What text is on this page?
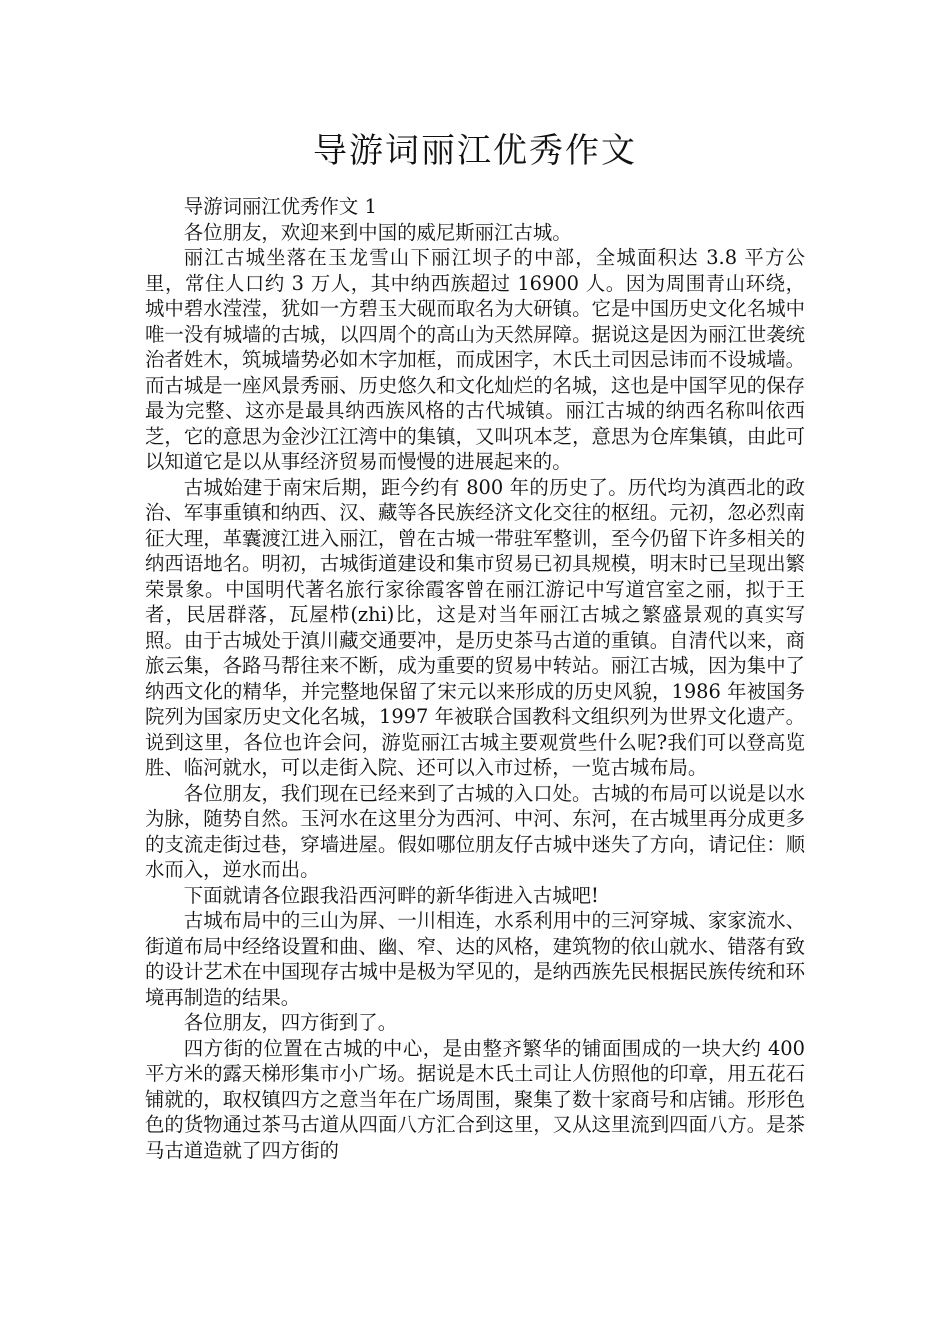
导游词丽江优秀作文

导游词丽江优秀作文 1

各位朋友，欢迎来到中国的威尼斯丽江古城。

丽江古城坐落在玉龙雪山下丽江坝子的中部，全城面积达 3.8 平方公里，常住人口约 3 万人，其中纳西族超过 16900 人。因为周围青山环绕，城中碧水滢滢，犹如一方碧玉大砚而取名为大研镇。它是中国历史文化名城中唯一没有城墙的古城，以四周个的高山为天然屏障。据说这是因为丽江世袭统治者姓木，筑城墙势必如木字加框，而成困字，木氏土司因忌讳而不设城墙。而古城是一座风景秀丽、历史悠久和文化灿烂的名城，这也是中国罕见的保存最为完整、这亦是最具纳西族风格的古代城镇。丽江古城的纳西名称叫依西芝，它的意思为金沙江江湾中的集镇，又叫巩本芝，意思为仓库集镇，由此可以知道它是以从事经济贸易而慢慢的进展起来的。

古城始建于南宋后期，距今约有 800 年的历史了。历代均为滇西北的政治、军事重镇和纳西、汉、藏等各民族经济文化交往的枢纽。元初，忽必烈南征大理，革囊渡江进入丽江，曾在古城一带驻军整训，至今仍留下许多相关的纳西语地名。明初，古城街道建设和集市贸易已初具规模，明末时已呈现出繁荣景象。中国明代著名旅行家徐霞客曾在丽江游记中写道宫室之丽，拟于王者，民居群落，瓦屋栉(zhi)比，这是对当年丽江古城之繁盛景观的真实写照。由于古城处于滇川藏交通要冲，是历史茶马古道的重镇。自清代以来，商旅云集，各路马帮往来不断，成为重要的贸易中转站。丽江古城，因为集中了纳西文化的精华，并完整地保留了宋元以来形成的历史风貌，1986 年被国务院列为国家历史文化名城，1997 年被联合国教科文组织列为世界文化遗产。说到这里，各位也许会问，游览丽江古城主要观赏些什么呢?我们可以登高览胜、临河就水，可以走街入院、还可以入市过桥，一览古城布局。

各位朋友，我们现在已经来到了古城的入口处。古城的布局可以说是以水为脉，随势自然。玉河水在这里分为西河、中河、东河，在古城里再分成更多的支流走街过巷，穿墙进屋。假如哪位朋友仔古城中迷失了方向，请记住：顺水而入，逆水而出。

下面就请各位跟我沿西河畔的新华街进入古城吧!

古城布局中的三山为屏、一川相连，水系利用中的三河穿城、家家流水、街道布局中经络设置和曲、幽、窄、达的风格，建筑物的依山就水、错落有致的设计艺术在中国现存古城中是极为罕见的，是纳西族先民根据民族传统和环境再制造的结果。

各位朋友，四方街到了。

四方街的位置在古城的中心，是由整齐繁华的铺面围成的一块大约 400 平方米的露天梯形集市小广场。据说是木氏土司让人仿照他的印章，用五花石铺就的，取权镇四方之意当年在广场周围，聚集了数十家商号和店铺。形形色色的货物通过茶马古道从四面八方汇合到这里，又从这里流到四面八方。是茶马古道造就了四方街的
